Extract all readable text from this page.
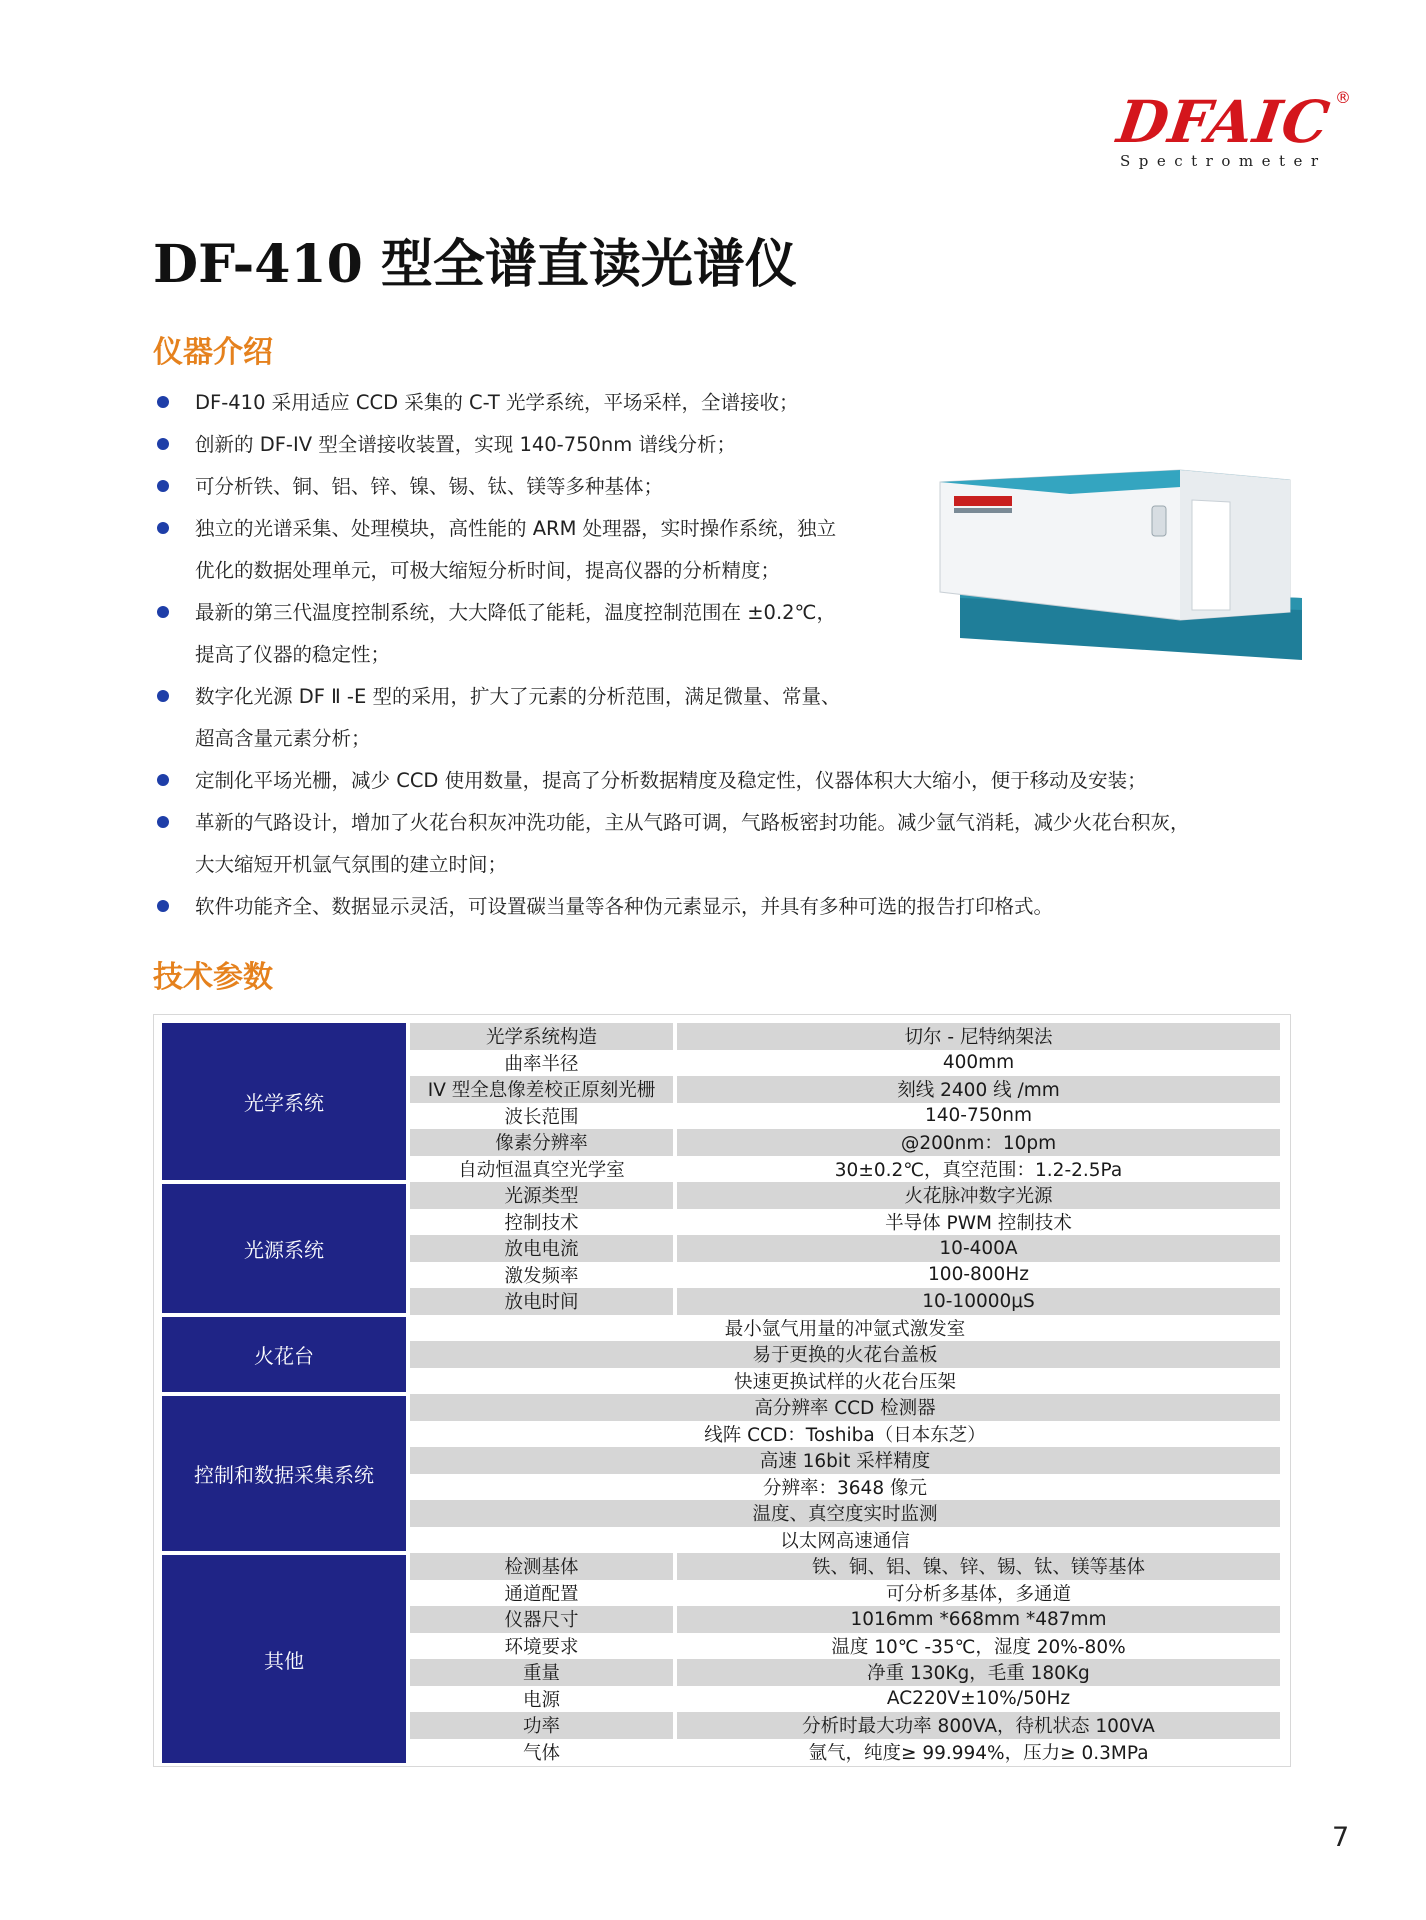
DFAIC ®
Spectrometer
DF-410 型全谱直读光谱仪
仪器介绍
DF-410 采用适应 CCD 采集的 C-T 光学系统，平场采样，全谱接收；
创新的 DF-IV 型全谱接收装置，实现 140-750nm 谱线分析；
可分析铁、铜、铝、锌、镍、锡、钛、镁等多种基体；
独立的光谱采集、处理模块，高性能的 ARM 处理器，实时操作系统，独立
优化的数据处理单元，可极大缩短分析时间，提高仪器的分析精度；
最新的第三代温度控制系统，大大降低了能耗，温度控制范围在 ±0.2℃，
提高了仪器的稳定性；
数字化光源 DF Ⅱ -E 型的采用，扩大了元素的分析范围，满足微量、常量、
超高含量元素分析；
定制化平场光栅，减少 CCD 使用数量，提高了分析数据精度及稳定性，仪器体积大大缩小，便于移动及安装；
革新的气路设计，增加了火花台积灰冲洗功能，主从气路可调，气路板密封功能。减少氩气消耗，减少火花台积灰，
大大缩短开机氩气氛围的建立时间；
软件功能齐全、数据显示灵活，可设置碳当量等各种伪元素显示，并具有多种可选的报告打印格式。
技术参数
光学系统
光学系统构造	切尔 - 尼特纳架法
曲率半径	400mm
IV 型全息像差校正原刻光栅	刻线 2400 线 /mm
波长范围	140-750nm
像素分辨率	@200nm：10pm
自动恒温真空光学室	30±0.2℃，真空范围：1.2-2.5Pa
光源系统
光源类型	火花脉冲数字光源
控制技术	半导体 PWM 控制技术
放电电流	10-400A
激发频率	100-800Hz
放电时间	10-10000μS
火花台
最小氩气用量的冲氩式激发室
易于更换的火花台盖板
快速更换试样的火花台压架
控制和数据采集系统
高分辨率 CCD 检测器
线阵 CCD：Toshiba（日本东芝）
高速 16bit 采样精度
分辨率：3648 像元
温度、真空度实时监测
以太网高速通信
其他
检测基体	铁、铜、铝、镍、锌、锡、钛、镁等基体
通道配置	可分析多基体，多通道
仪器尺寸	1016mm *668mm *487mm
环境要求	温度 10℃ -35℃，湿度 20%-80%
重量	净重 130Kg，毛重 180Kg
电源	AC220V±10%/50Hz
功率	分析时最大功率 800VA，待机状态 100VA
气体	氩气，纯度≥ 99.994%，压力≥ 0.3MPa
7
